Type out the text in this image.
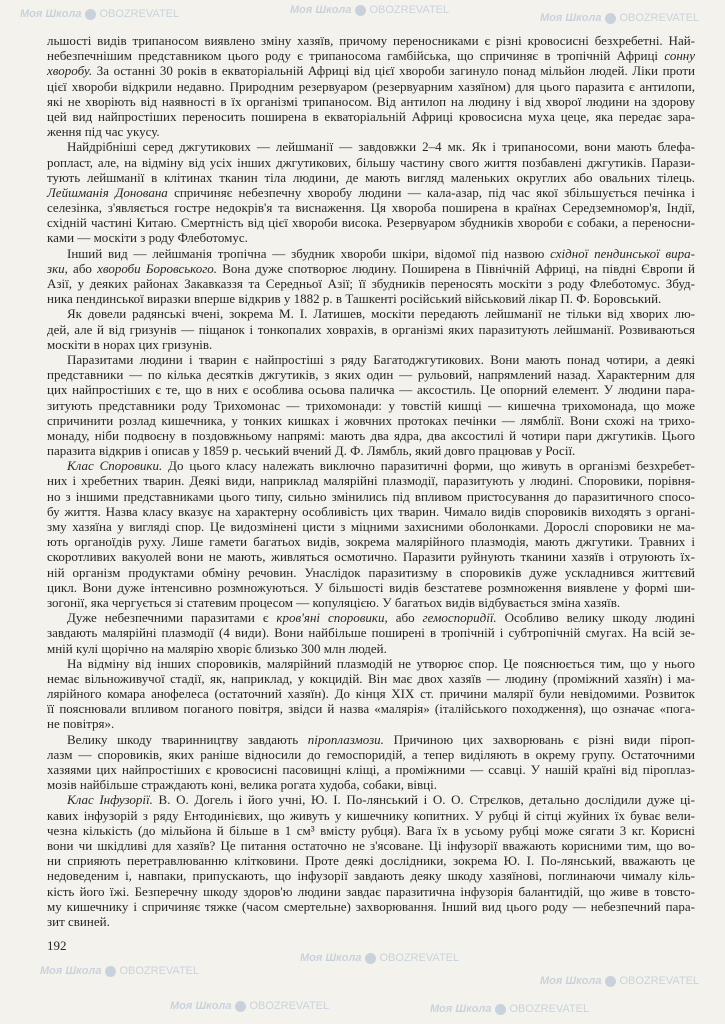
Моя Школа OBOZREVATEL	Моя Школа OBOZREVATEL
Моя Школа OBOZREVATEL
Моя Школа OBOZREVATEL
Моя Школа OBOZREVATEL
Моя Школа OBOZREVATEL
Моя Школа OBOZREVATEL	Моя Школа OBOZREVATEL
льшості видів трипаносом виявлено зміну хазяїв, причому переносниками є різні кровосисні безхребетні. Най-
небезпечнішим представником цього роду є трипаносома гамбійська, що спричиняє в тропічній Африці сонну
хворобу. За останні 30 років в екваторіальній Африці від цієї хвороби загинуло понад мільйон людей. Ліки проти
цієї хвороби відкрили недавно. Природним резервуаром (резервуарним хазяїном) для цього паразита є антилопи,
які не хворіють від наявності в їх організмі трипаносом. Від антилоп на людину і від хворої людини на здорову
цей вид найпростіших переносить поширена в екваторіальній Африці кровосисна муха цеце, яка передає зара-
ження під час укусу.
Найдрібніші серед джгутикових — лейшманії — завдовжки 2–4 мк. Як і трипаносоми, вони мають блефа-
ропласт, але, на відміну від усіх інших джгутикових, більшу частину свого життя позбавлені джгутиків. Парази-
тують лейшманії в клітинах тканин тіла людини, де мають вигляд маленьких округлих або овальних тілець.
Лейшманія Донована спричиняє небезпечну хворобу людини — кала-азар, під час якої збільшується печінка і
селезінка, з'являється гостре недокрів'я та виснаження. Ця хвороба поширена в країнах Середземномор'я, Індії,
східній частині Китаю. Смертність від цієї хвороби висока. Резервуаром збудників хвороби є собаки, а переносни-
ками — москіти з роду Флеботомус.
Інший вид — лейшманія тропічна — збудник хвороби шкіри, відомої під назвою східної пендинської вира-
зки, або хвороби Боровського. Вона дуже спотворює людину. Поширена в Північній Африці, на півдні Європи й
Азії, у деяких районах Закавказзя та Середньої Азії; її збудників переносять москіти з роду Флеботомус. Збуд-
ника пендинської виразки вперше відкрив у 1882 р. в Ташкенті російський військовий лікар П. Ф. Боровський.
Як довели радянські вчені, зокрема М. І. Латишев, москіти передають лейшманії не тільки від хворих лю-
дей, але й від гризунів — піщанок і тонкопалих ховрахів, в організмі яких паразитують лейшманії. Розвиваються
москіти в норах цих гризунів.
Паразитами людини і тварин є найпростіші з ряду Багатоджгутикових. Вони мають понад чотири, а деякі
представники — по кілька десятків джгутиків, з яких один — рульовий, напрямлений назад. Характерним для
цих найпростіших є те, що в них є особлива осьова паличка — аксостиль. Це опорний елемент. У людини пара-
зитують представники роду Трихомонас — трихомонади: у товстій кишці — кишечна трихомонада, що може
спричинити розлад кишечника, у тонких кишках і жовчних протоках печінки — лямблії. Вони схожі на трихо-
монаду, ніби подвоєну в поздовжньому напрямі: мають два ядра, два аксостилі й чотири пари джгутиків. Цього
паразита відкрив і описав у 1859 р. чеський вчений Д. Ф. Лямбль, який довго працював у Росії.
Клас Споровики. До цього класу належать виключно паразитичні форми, що живуть в організмі безхребет-
них і хребетних тварин. Деякі види, наприклад малярійні плазмодії, паразитують у людині. Споровики, порівня-
но з іншими представниками цього типу, сильно змінились під впливом пристосування до паразитичного спосо-
бу життя. Назва класу вказує на характерну особливість цих тварин. Чимало видів споровиків виходять з органі-
зму хазяїна у вигляді спор. Це видозмінені цисти з міцними захисними оболонками. Дорослі споровики не ма-
ють органоїдів руху. Лише гамети багатьох видів, зокрема малярійного плазмодія, мають джгутики. Травних і
скоротливих вакуолей вони не мають, живляться осмотично. Паразити руйнують тканини хазяїв і отруюють їх-
ній організм продуктами обміну речовин. Унаслідок паразитизму в споровиків дуже ускладнився життєвий
цикл. Вони дуже інтенсивно розмножуються. У більшості видів безстатеве розмноження виявлене у формі ши-
зогонії, яка чергується зі статевим процесом — копуляцією. У багатьох видів відбувається зміна хазяїв.
Дуже небезпечними паразитами є кров'яні споровики, або гемоспоридії. Особливо велику шкоду людині
завдають малярійні плазмодії (4 види). Вони найбільше поширені в тропічній і субтропічній смугах. На всій зе-
мній кулі щорічно на малярію хворіє близько 300 млн людей.
На відміну від інших споровиків, малярійний плазмодій не утворює спор. Це пояснюється тим, що у нього
немає вільноживучої стадії, як, наприклад, у кокцидій. Він має двох хазяїв — людину (проміжний хазяїн) і ма-
лярійного комара анофелеса (остаточний хазяїн). До кінця XIX ст. причини малярії були невідомими. Розвиток
її пояснювали впливом поганого повітря, звідси й назва «малярія» (італійського походження), що означає «пога-
не повітря».
Велику шкоду тваринництву завдають піроплазмози. Причиною цих захворювань є різні види піроп-
лазм — споровиків, яких раніше відносили до гемоспоридій, а тепер виділяють в окрему групу. Остаточними
хазяями цих найпростіших є кровосисні пасовищні кліщі, а проміжними — ссавці. У нашій країні від піроплаз-
мозів найбільше страждають коні, велика рогата худоба, собаки, вівці.
Клас Інфузорії. В. О. Догель і його учні, Ю. І. По-лянський і О. О. Стрєлков, детально дослідили дуже ці-
кавих інфузорій з ряду Ентодинієвих, що живуть у кишечнику копитних. У рубці й сітці жуйних їх буває вели-
чезна кількість (до мільйона й більше в 1 см³ вмісту рубця). Вага їх в усьому рубці може сягати 3 кг. Корисні
вони чи шкідливі для хазяїв? Це питання остаточно не з'ясоване. Ці інфузорії вважають корисними тим, що во-
ни сприяють перетравлюванню клітковини. Проте деякі дослідники, зокрема Ю. І. По-лянський, вважають це
недоведеним і, навпаки, припускають, що інфузорії завдають деяку шкоду хазяїнові, поглинаючи чималу кіль-
кість його їжі. Безперечну шкоду здоров'ю людини завдає паразитична інфузорія балантидій, що живе в товсто-
му кишечнику і спричиняє тяжке (часом смертельне) захворювання. Інший вид цього роду — небезпечний пара-
зит свиней.
192
